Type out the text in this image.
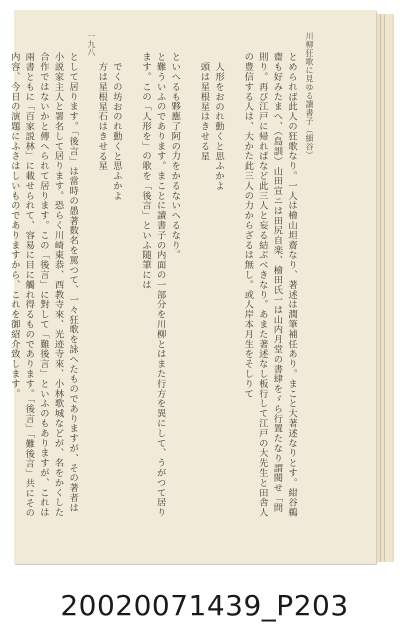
川柳狂歌に見ゆる讀書子（細谷）
一九八

とめられば此人の狂歌なり。一人は檜山坦齋なり、著述は潤筆補任あり。まこと大著述なりとす。紺谷鵜齋も好みたまへ、（島訓）山田宣ニは田尻自楽、檜田氏一は山内月堂の書肆をゞら行置たなり謂閱せ「問則り。再び江戸に帰ればなど此三人と妄る結ぶべきなり。あまた著述なし板行して江戸の大先生と田舎人の豊信する人は、大かた此三人の力からざるは無し。或人岸本月生をそしりて

人形をおのれ動くと思ふかよ

頭は星根星はきせる星

といへるも夥應了阿の力をかるないへるなり。

と難ういふのであります。まことに讀書子の内面の一部分を川柳とはまた行方を異にして、うがつて居ります。この「人形を」の歌を「後言」といふ随筆には

でくの坊おのれ動くと思ふかよ

方は星根星石はきせる星

として居ります。「後言」は當時の愚著数名を罵つて、一々狂歌を詠へたものでありますが、その著者は小説家主人と署名して居ります。恐らく川崎東恭、西教寺來、光迹寺來、小林歌城などが、名をかくした合作ではないかと傳へられて居ります。この「後言」に對して「難後言」といふのもありますが、これは兩書ともに「百家説林」に載せられて、容易に目に觸れ得るものであります。「後言」「難後言」共にその内容、今日の演題にふさはしいものでありますから、これを御紹介致します。

20020071439_P203
